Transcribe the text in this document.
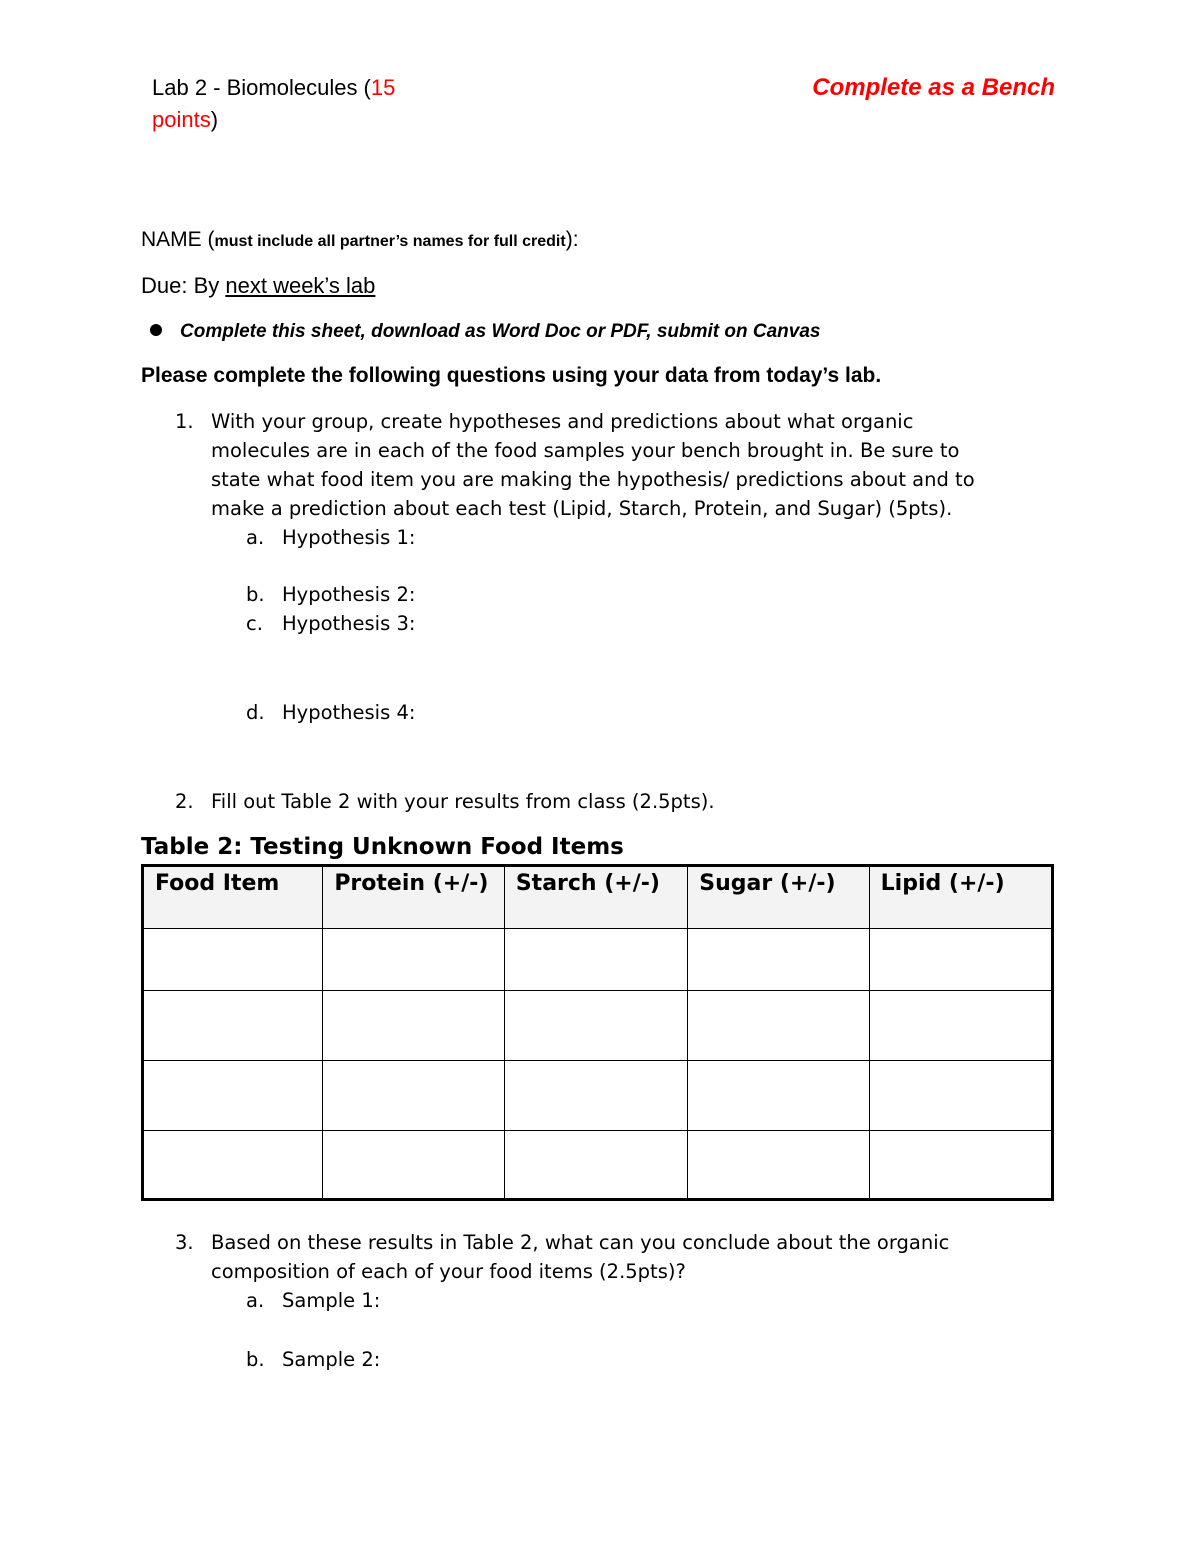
Lab 2 - Biomolecules (15 points)
Complete as a Bench
NAME (must include all partner’s names for full credit):
Due: By next week’s lab
Complete this sheet, download as Word Doc or PDF, submit on Canvas
Please complete the following questions using your data from today’s lab.
1. With your group, create hypotheses and predictions about what organic
molecules are in each of the food samples your bench brought in. Be sure to
state what food item you are making the hypothesis/ predictions about and to
make a prediction about each test (Lipid, Starch, Protein, and Sugar) (5pts).
a. Hypothesis 1:
b. Hypothesis 2:
c. Hypothesis 3:
d. Hypothesis 4:
2. Fill out Table 2 with your results from class (2.5pts).
Table 2: Testing Unknown Food Items
Food Item	Protein (+/-)	Starch (+/-)	Sugar (+/-)	Lipid (+/-)

3. Based on these results in Table 2, what can you conclude about the organic
composition of each of your food items (2.5pts)?
a. Sample 1:
b. Sample 2:
